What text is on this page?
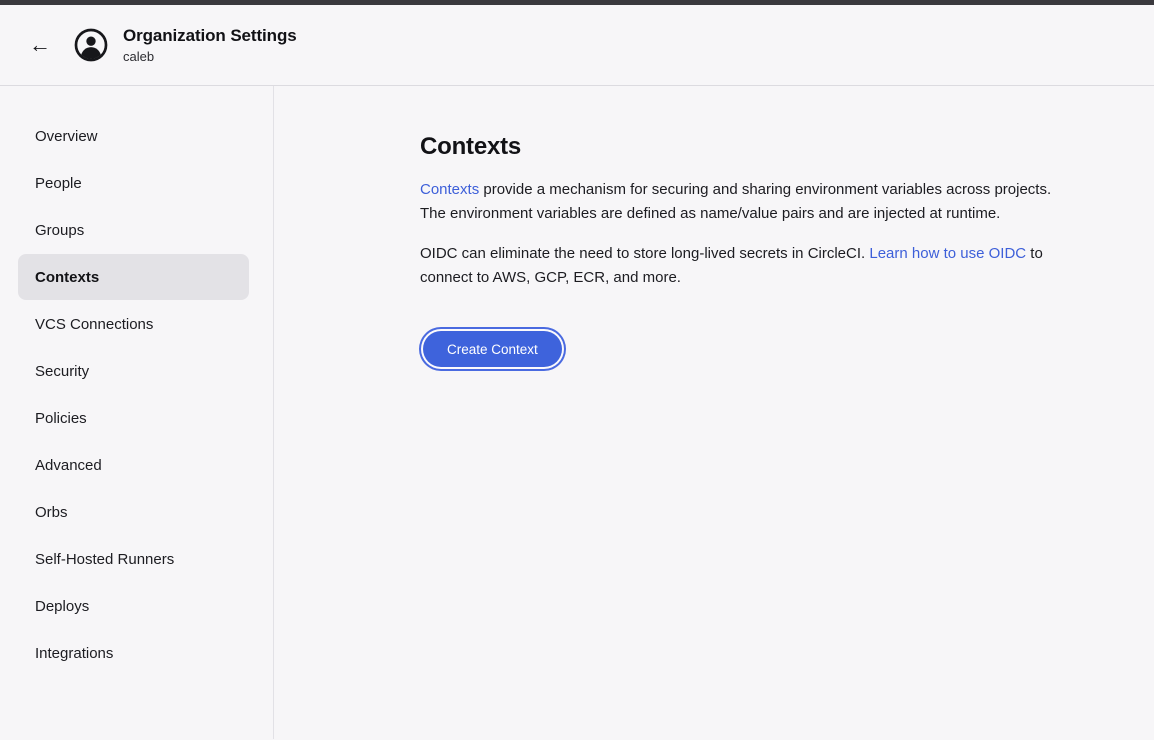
←	Organization Settings
caleb
Overview
People
Groups
Contexts
VCS Connections
Security
Policies
Advanced
Orbs
Self-Hosted Runners
Deploys
Integrations
Contexts

Contexts provide a mechanism for securing and sharing environment variables across projects. The environment variables are defined as name/value pairs and are injected at runtime.

OIDC can eliminate the need to store long-lived secrets in CircleCI. Learn how to use OIDC to connect to AWS, GCP, ECR, and more.

Create Context
